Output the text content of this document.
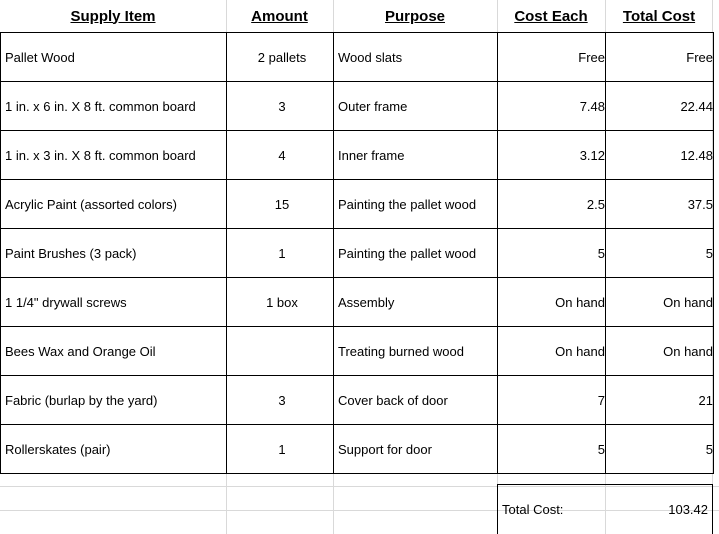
Supply Item	Amount	Purpose	Cost Each	Total Cost
Pallet Wood	2 pallets	Wood slats	Free	Free
1 in. x 6 in. X 8 ft. common board	3	Outer frame	7.48	22.44
1 in. x 3 in. X 8 ft. common board	4	Inner frame	3.12	12.48
Acrylic Paint (assorted colors)	15	Painting the pallet wood	2.5	37.5
Paint Brushes (3 pack)	1	Painting the pallet wood	5	5
1 1/4" drywall screws	1 box	Assembly	On hand	On hand
Bees Wax and Orange Oil		Treating burned wood	On hand	On hand
Fabric (burlap by the yard)	3	Cover back of door	7	21
Rollerskates (pair)	1	Support for door	5	5
Total Cost:	103.42
